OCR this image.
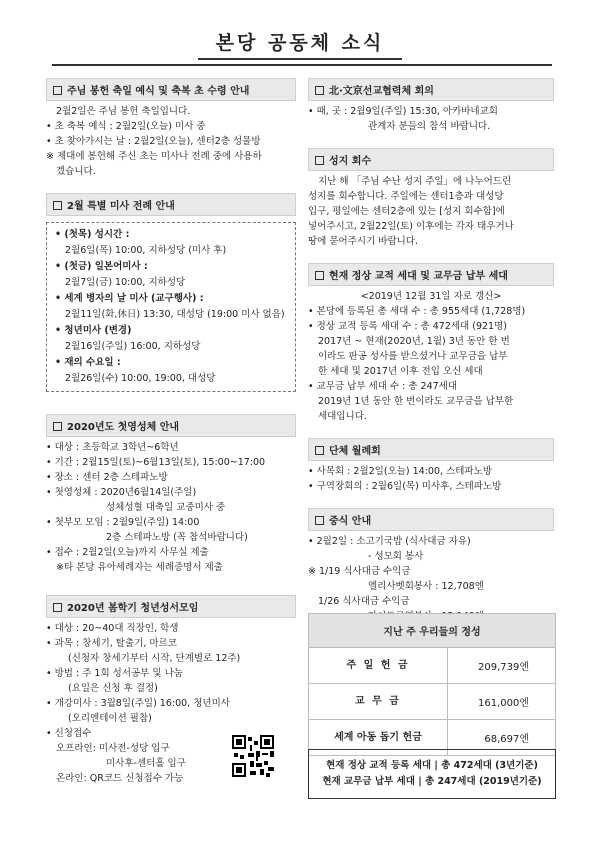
본당 공동체 소식
주님 봉헌 축일 예식 및 축복 초 수령 안내
2월2일은 주님 봉헌 축일입니다.
• 초 축복 예식 : 2월2일(오늘) 미사 중
• 초 찾아가시는 날 : 2월2일(오늘), 센터2층 성물방
※ 제대에 봉헌해 주신 초는 미사나 전례 중에 사용하
겠습니다.
2월 특별 미사 전례 안내
• (첫목) 성시간 :
2월6일(목) 10:00, 지하성당 (미사 후)
• (첫금) 일본어미사 :
2월7일(금) 10:00, 지하성당
• 세계 병자의 날 미사 (교구행사) :
2월11일(화,休日) 13:30, 대성당 (19:00 미사 없음)
• 청년미사 (변경)
2월16일(주일) 16:00, 지하성당
• 재의 수요일 :
2월26일(수) 10:00, 19:00, 대성당
2020년도 첫영성체 안내
• 대상 : 초등학교 3학년~6학년
• 기간 : 2월15일(토)~6월13일(토), 15:00~17:00
• 장소 : 센터 2층 스테파노방
• 첫영성체 : 2020년6월14일(주일)
성체성혈 대축일 교중미사 중
• 첫부모 모임 : 2월9일(주일) 14:00
2층 스테파노방 (꼭 참석바랍니다)
• 접수 : 2월2일(오늘)까지 사무실 제출
※타 본당 유아세례자는 세례증명서 제출
2020년 봄학기 청년성서모임
• 대상 : 20~40대 직장인, 학생
• 과목 : 창세기, 탈출기, 마르코
(신청자 창세기부터 시작, 단계별로 12주)
• 방법 : 주 1회 성서공부 및 나눔
(요일은 신청 후 결정)
• 개강미사 : 3월8일(주일) 16:00, 청년미사
(오리엔테이션 필참)
• 신청접수
오프라인: 미사전-성당 입구
미사후-센터홀 입구
온라인: QR코드 신청접수 가능
北·文京선교협력체 회의
• 때, 곳 : 2월9일(주일) 15:30, 아카바네교회
관계자 분들의 참석 바랍니다.
성지 회수
지난 해 「주님 수난 성지 주일」에 나누어드린
성지를 회수합니다. 주일에는 센터1층과 대성당
입구, 평일에는 센터2층에 있는 [성지 회수함]에
넣어주시고, 2월22일(토) 이후에는 각자 태우거나
땅에 묻어주시기 바랍니다.
현재 정상 교적 세대 및 교무금 납부 세대
<2019년 12월 31일 자로 갱신>
• 본당에 등록된 총 세대 수 : 총 955세대 (1,728명)
• 정상 교적 등록 세대 수 : 총 472세대 (921명)
2017년 ~ 현재(2020년, 1월) 3년 동안 한 번
이라도 판공 성사를 받으셨거나 교무금을 납부
한 세대 및 2017년 이후 전입 오신 세대
• 교무금 납부 세대 수 : 총 247세대
2019년 1년 동안 한 번이라도 교무금을 납부한
세대입니다.
단체 월례회
• 사목회 : 2월2일(오늘) 14:00, 스테파노방
• 구역장회의 : 2월6일(목) 미사후, 스테파노방
중식 안내
• 2월2일 : 소고기국밥 (식사대금 자유)
- 성모회 봉사
※ 1/19 식사대금 수익금
엘리사벳회봉사 : 12,708엔
1/26 식사대금 수익금
지난 주 우리들의 정성
주 일 헌 금	209,739엔
교 무 금	161,000엔
세계 아동 돕기 헌금	68,697엔
현재 정상 교적 등록 세대 | 총 472세대 (3년기준)
현재 교무금 납부 세대 | 총 247세대 (2019년기준)
